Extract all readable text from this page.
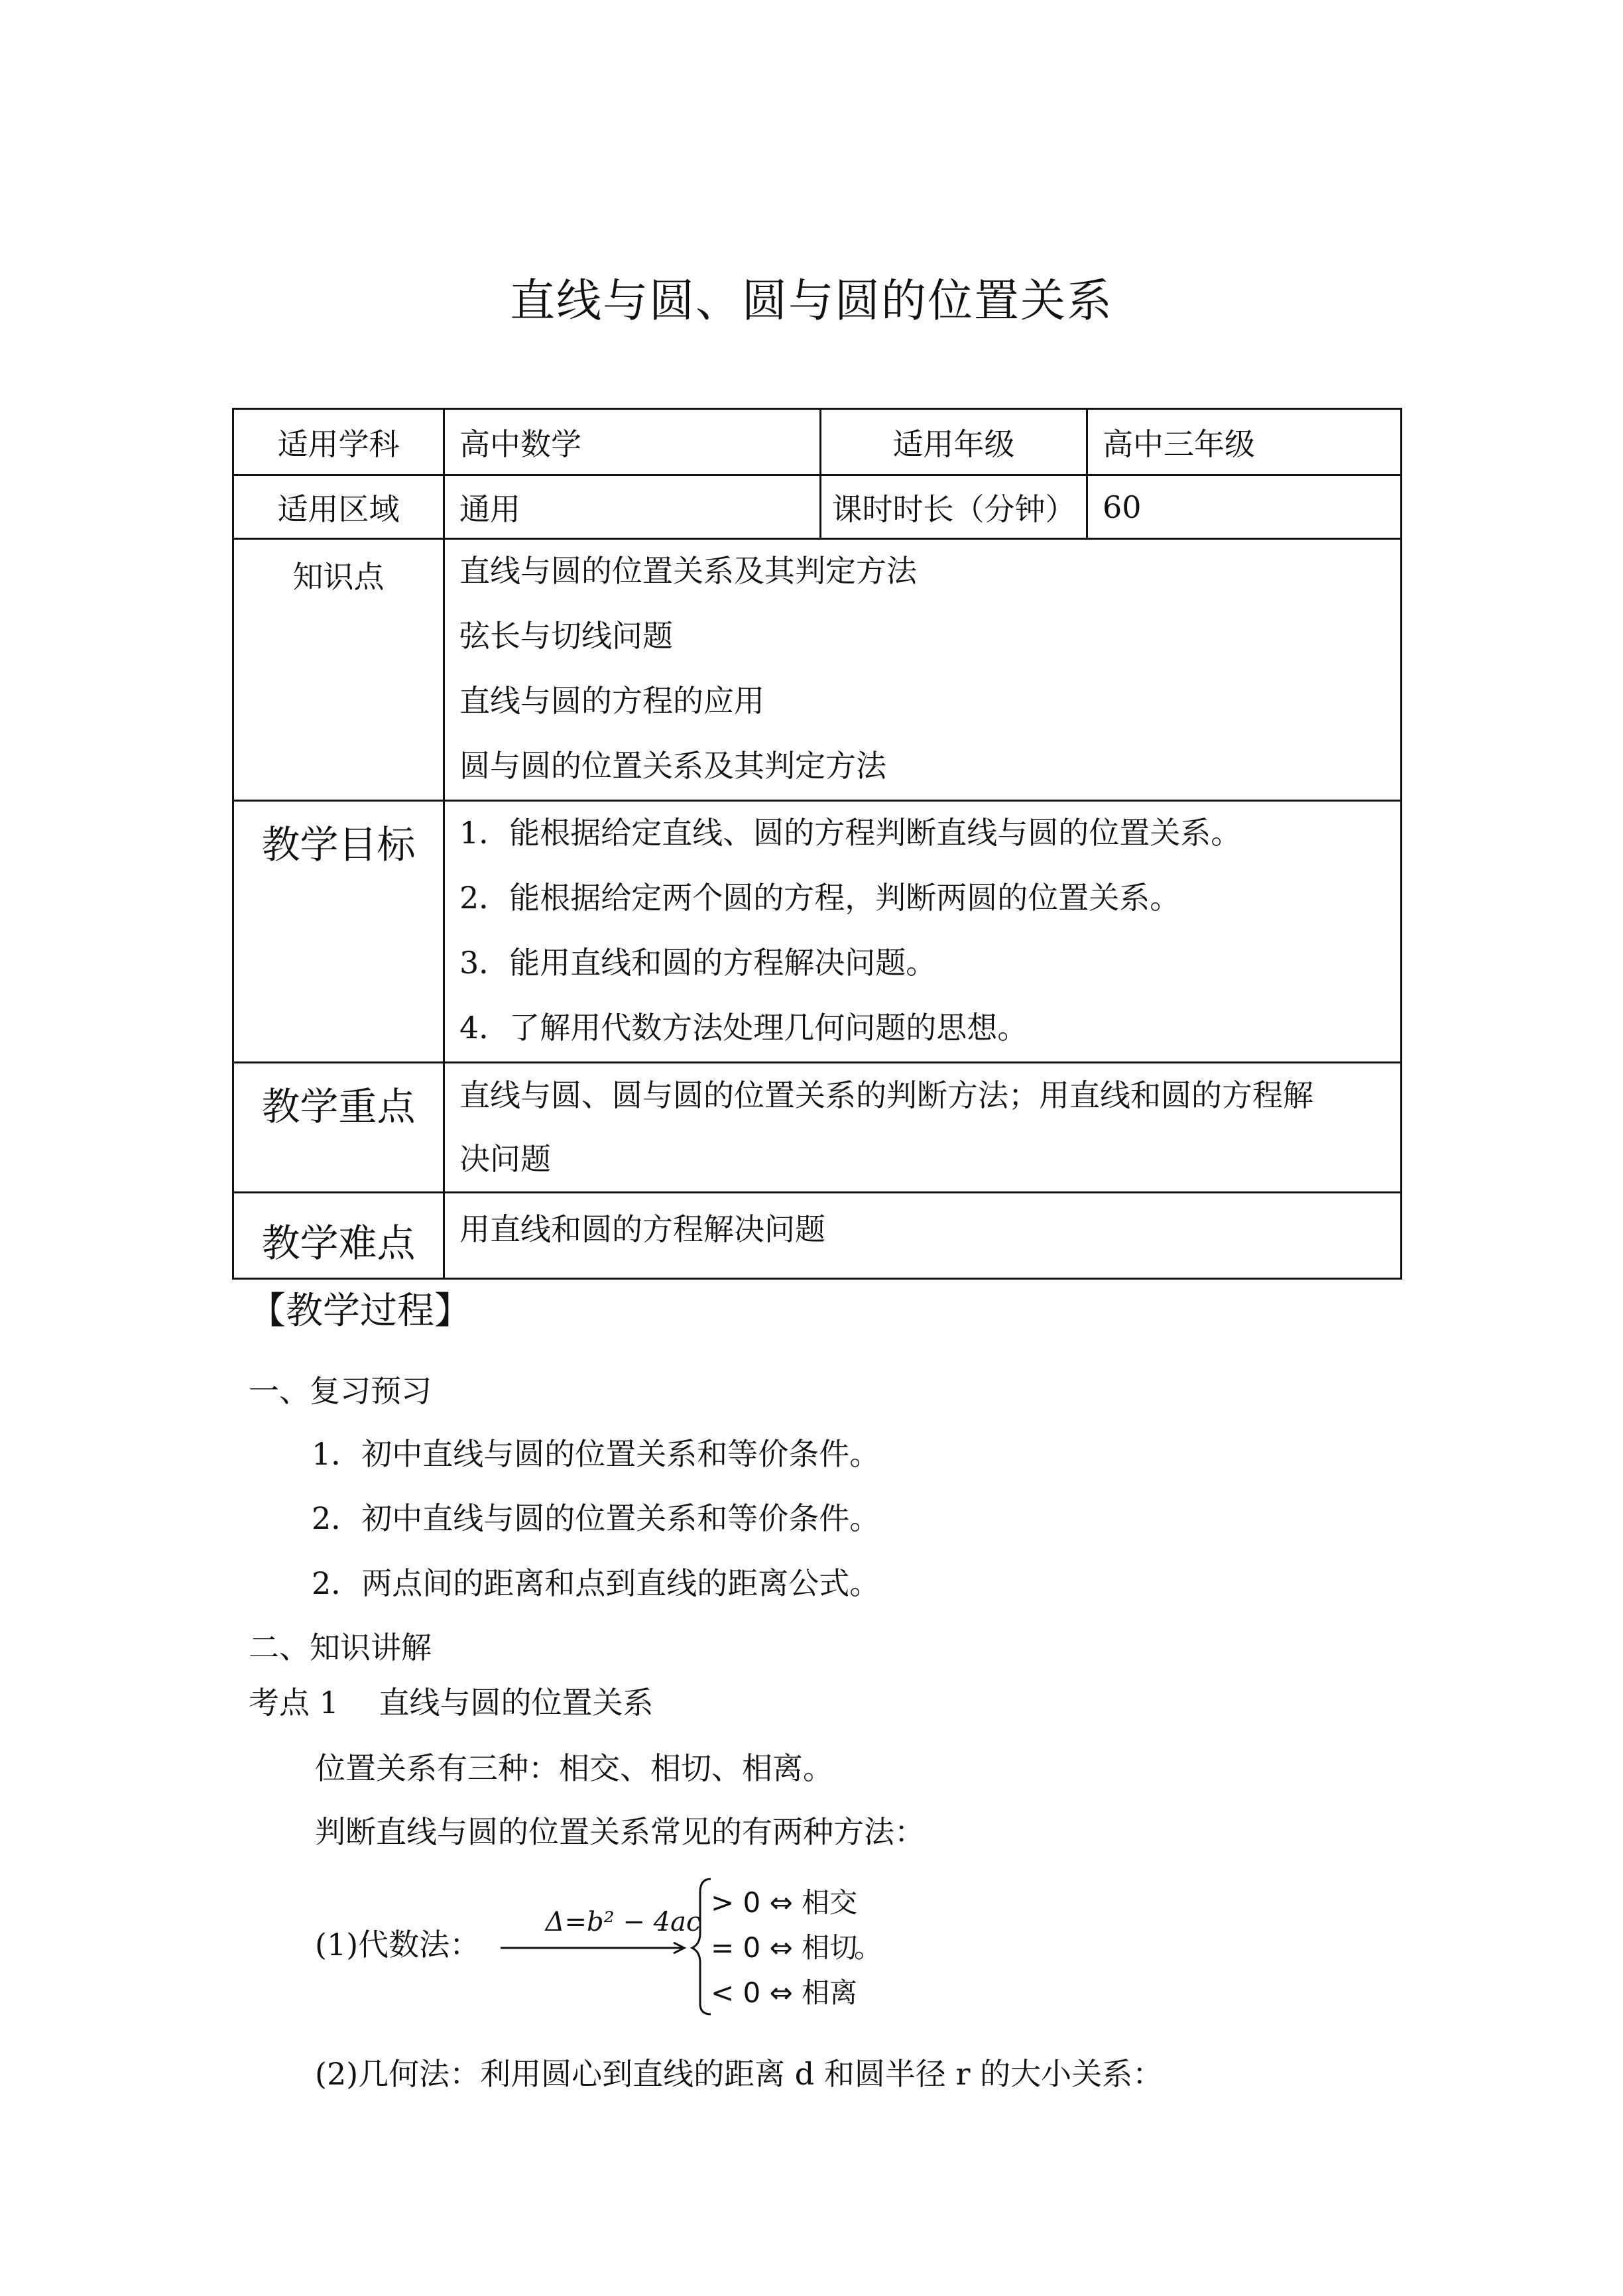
直线与圆、圆与圆的位置关系
适用学科	高中数学	适用年级	高中三年级
适用区域	通用	课时时长（分钟）	60
知识点	直线与圆的位置关系及其判定方法
弦长与切线问题
直线与圆的方程的应用
圆与圆的位置关系及其判定方法		

教学目标	1．能根据给定直线、圆的方程判断直线与圆的位置关系。
2．能根据给定两个圆的方程，判断两圆的位置关系。
3．能用直线和圆的方程解决问题。
4．了解用代数方法处理几何问题的思想。		

教学重点	直线与圆、圆与圆的位置关系的判断方法；用直线和圆的方程解
决问题		

教学难点	用直线和圆的方程解决问题		
【教学过程】
一、复习预习
1．初中直线与圆的位置关系和等价条件。
2．初中直线与圆的位置关系和等价条件。
2．两点间的距离和点到直线的距离公式。
二、知识讲解
考点 1　 直线与圆的位置关系
位置关系有三种：相交、相切、相离。
判断直线与圆的位置关系常见的有两种方法：
(1)代数法：
Δ=b² − 4ac
> 0 ⇔ 相交
= 0 ⇔ 相切
< 0 ⇔ 相离
。
(2)几何法：利用圆心到直线的距离 d 和圆半径 r 的大小关系：
